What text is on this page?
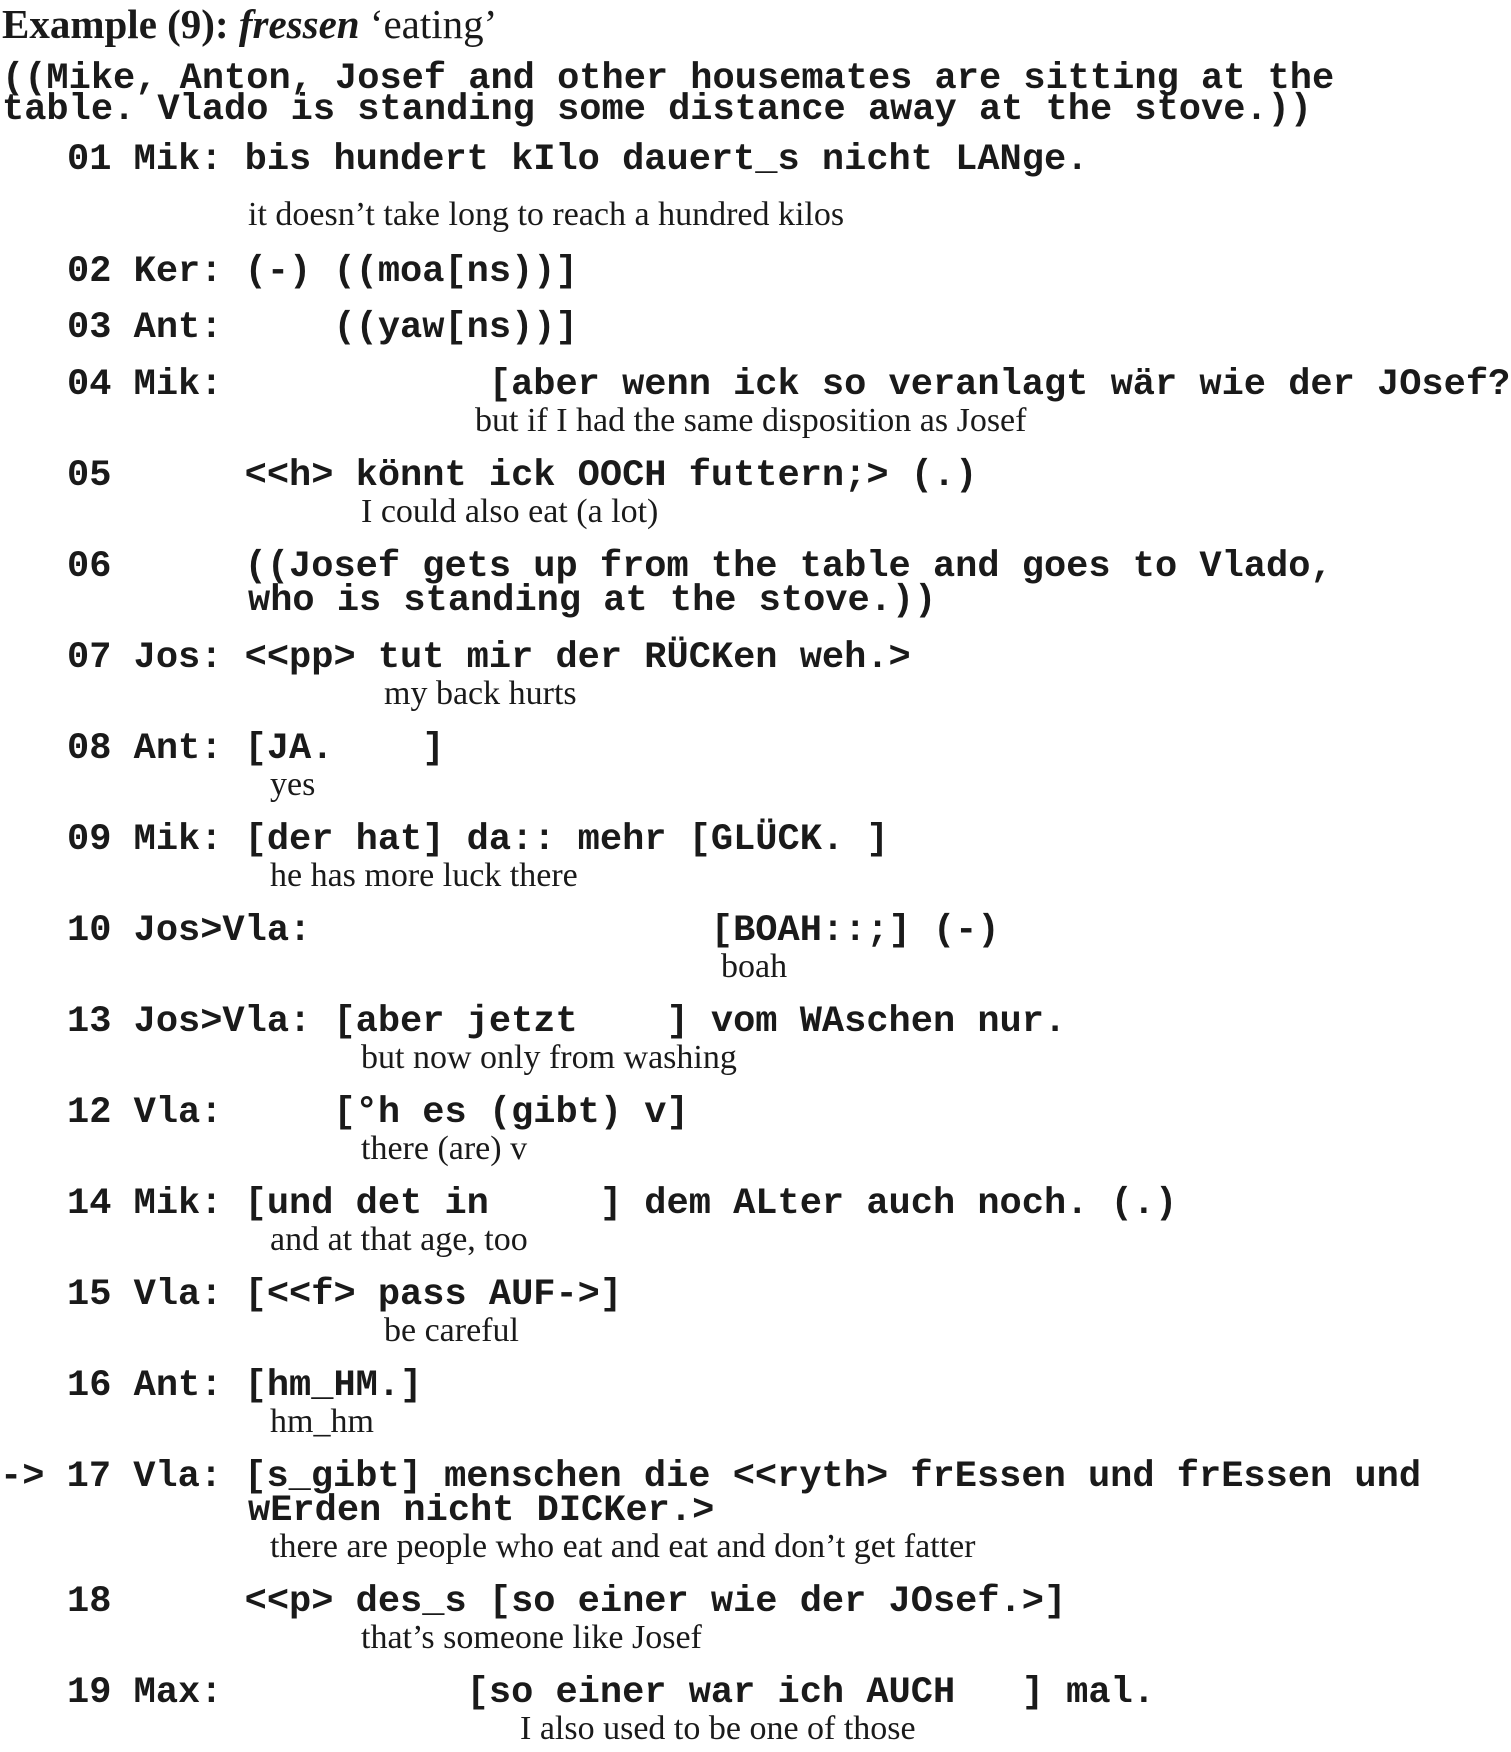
Example (9): fressen ‘eating’
((Mike, Anton, Josef and other housemates are sitting at the
table. Vlado is standing some distance away at the stove.))
01 Mik: bis hundert kIlo dauert_s nicht LANge.
it doesn’t take long to reach a hundred kilos
02 Ker: (-) ((moa[ns))]
03 Ant:     ((yaw[ns))]
04 Mik:            [aber wenn ick so veranlagt wär wie der JOsef?
but if I had the same disposition as Josef
05      <<h> könnt ick OOCH futtern;> (.)
I could also eat (a lot)
06      ((Josef gets up from the table and goes to Vlado,
who is standing at the stove.))
07 Jos: <<pp> tut mir der RÜCKen weh.>
my back hurts
08 Ant: [JA.    ]
yes
09 Mik: [der hat] da:: mehr [GLÜCK. ]
he has more luck there
10 Jos>Vla:                  [BOAH::;] (-)
boah
13 Jos>Vla: [aber jetzt    ] vom WAschen nur.
but now only from washing
12 Vla:     [°h es (gibt) v]
there (are) v
14 Mik: [und det in     ] dem ALter auch noch. (.)
and at that age, too
15 Vla: [<<f> pass AUF->]
be careful
16 Ant: [hm_HM.]
hm_hm
-> 17 Vla: [s_gibt] menschen die <<ryth> frEssen und frEssen und
wErden nicht DICKer.>
there are people who eat and eat and don’t get fatter
18      <<p> des_s [so einer wie der JOsef.>]
that’s someone like Josef
19 Max:           [so einer war ich AUCH   ] mal.
I also used to be one of those
